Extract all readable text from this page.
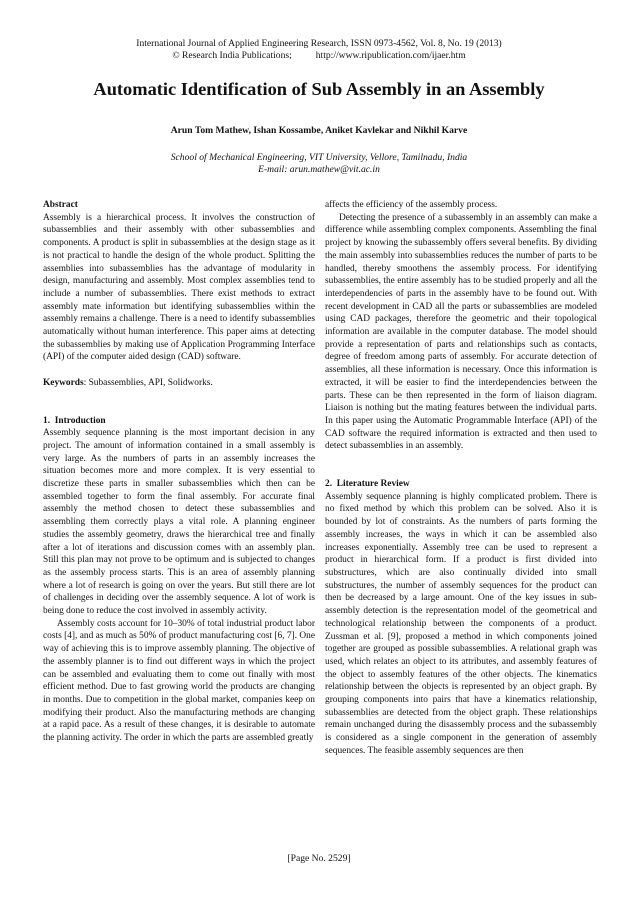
International Journal of Applied Engineering Research, ISSN 0973-4562, Vol. 8, No. 19 (2013)
© Research India Publications;          http://www.ripublication.com/ijaer.htm
Automatic Identification of Sub Assembly in an Assembly
Arun Tom Mathew, Ishan Kossambe, Aniket Kavlekar and Nikhil Karve
School of Mechanical Engineering, VIT University, Vellore, Tamilnadu, India
E-mail: arun.mathew@vit.ac.in

Abstract

Assembly is a hierarchical process. It involves the construction of subassemblies and their assembly with other subassemblies and components. A product is split in subassemblies at the design stage as it is not practical to handle the design of the whole product. Splitting the assemblies into subassemblies has the advantage of modularity in design, manufacturing and assembly. Most complex assemblies tend to include a number of subassemblies. There exist methods to extract assembly mate information but identifying subassemblies within the assembly remains a challenge. There is a need to identify subassemblies automatically without human interference. This paper aims at detecting the subassemblies by making use of Application Programming Interface (API) of the computer aided design (CAD) software.

Keywords: Subassemblies, API, Solidworks.

1.  Introduction

Assembly sequence planning is the most important decision in any project. The amount of information contained in a small assembly is very large. As the numbers of parts in an assembly increases the situation becomes more and more complex. It is very essential to discretize these parts in smaller subassemblies which then can be assembled together to form the final assembly. For accurate final assembly the method chosen to detect these subassemblies and assembling them correctly plays a vital role. A planning engineer studies the assembly geometry, draws the hierarchical tree and finally after a lot of iterations and discussion comes with an assembly plan. Still this plan may not prove to be optimum and is subjected to changes as the assembly process starts. This is an area of assembly planning where a lot of research is going on over the years. But still there are lot of challenges in deciding over the assembly sequence. A lot of work is being done to reduce the cost involved in assembly activity.

Assembly costs account for 10–30% of total industrial product labor costs [4], and as much as 50% of product manufacturing cost [6, 7]. One way of achieving this is to improve assembly planning. The objective of the assembly planner is to find out different ways in which the project can be assembled and evaluating them to come out finally with most efficient method. Due to fast growing world the products are changing in months. Due to competition in the global market, companies keep on modifying their product. Also the manufacturing methods are changing at a rapid pace. As a result of these changes, it is desirable to automate the planning activity. The order in which the parts are assembled greatly

affects the efficiency of the assembly process.

Detecting the presence of a subassembly in an assembly can make a difference while assembling complex components. Assembling the final project by knowing the subassembly offers several benefits. By dividing the main assembly into subassemblies reduces the number of parts to be handled, thereby smoothens the assembly process. For identifying subassemblies, the entire assembly has to be studied properly and all the interdependencies of parts in the assembly have to be found out. With recent development in CAD all the parts or subassemblies are modeled using CAD packages, therefore the geometric and their topological information are available in the computer database. The model should provide a representation of parts and relationships such as contacts, degree of freedom among parts of assembly. For accurate detection of assemblies, all these information is necessary. Once this information is extracted, it will be easier to find the interdependencies between the parts. These can be then represented in the form of liaison diagram. Liaison is nothing but the mating features between the individual parts. In this paper using the Automatic Programmable Interface (API) of the CAD software the required information is extracted and then used to detect subassemblies in an assembly.

2.  Literature Review

Assembly sequence planning is highly complicated problem. There is no fixed method by which this problem can be solved. Also it is bounded by lot of constraints. As the numbers of parts forming the assembly increases, the ways in which it can be assembled also increases exponentially. Assembly tree can be used to represent a product in hierarchical form. If a product is first divided into substructures, which are also continually divided into small substructures, the number of assembly sequences for the product can then be decreased by a large amount. One of the key issues in sub-assembly detection is the representation model of the geometrical and technological relationship between the components of a product. Zussman et al. [9], proposed a method in which components joined together are grouped as possible subassemblies. A relational graph was used, which relates an object to its attributes, and assembly features of the object to assembly features of the other objects. The kinematics relationship between the objects is represented by an object graph. By grouping components into pairs that have a kinematics relationship, subassemblies are detected from the object graph. These relationships remain unchanged during the disassembly process and the subassembly is considered as a single component in the generation of assembly sequences. The feasible assembly sequences are then

[Page No. 2529]
